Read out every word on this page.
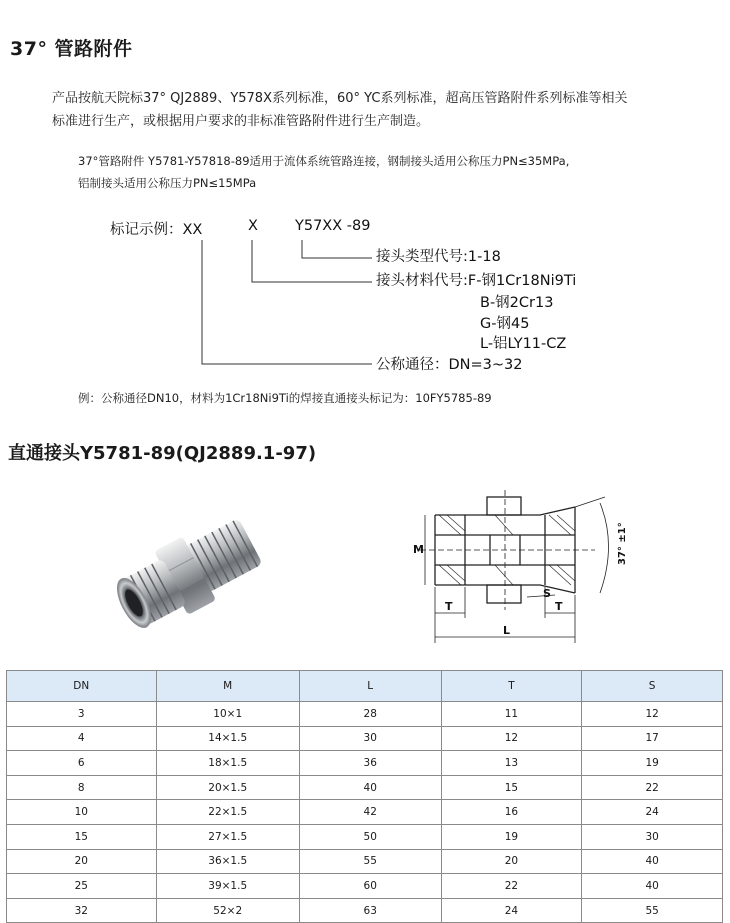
37° 管路附件
产品按航天院标37° QJ2889、Y578X系列标准，60° YC系列标准，超高压管路附件系列标准等相关
标准进行生产，或根据用户要求的非标准管路附件进行生产制造。
37°管路附件 Y5781-Y57818-89适用于流体系统管路连接，钢制接头适用公称压力PN≤35MPa,
铝制接头适用公称压力PN≤15MPa
标记示例：XX	X	Y57XX -89
接头类型代号:1-18
接头材料代号:F-钢1Cr18Ni9Ti
B-钢2Cr13
G-钢45
L-铝LY11-CZ
公称通径：DN=3~32
例：公称通径DN10，材料为1Cr18Ni9Ti的焊接直通接头标记为：10FY5785-89
直通接头Y5781-89(QJ2889.1-97)
M
T	T
S
L
37° ±1°
DN	M	L	T	S
3	10×1	28	11	12
4	14×1.5	30	12	17
6	18×1.5	36	13	19
8	20×1.5	40	15	22
10	22×1.5	42	16	24
15	27×1.5	50	19	30
20	36×1.5	55	20	40
25	39×1.5	60	22	40
32	52×2	63	24	55
